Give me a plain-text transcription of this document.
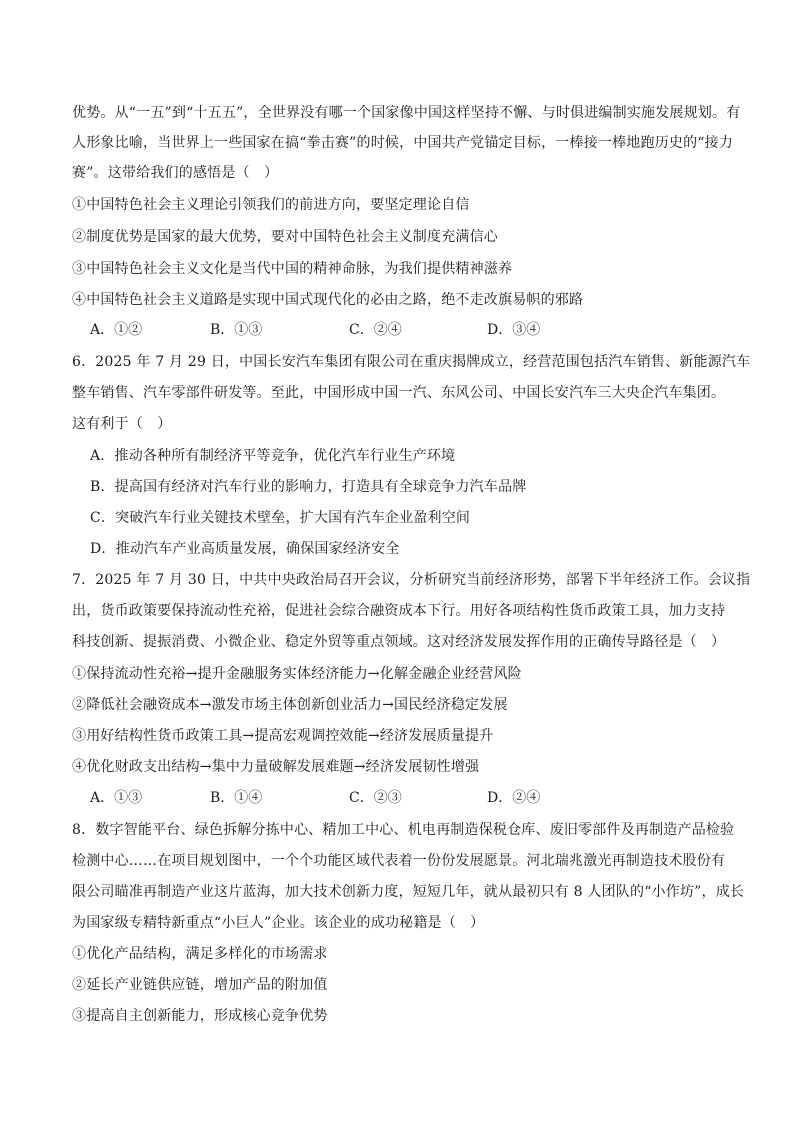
优势。从“一五”到“十五五”，全世界没有哪一个国家像中国这样坚持不懈、与时俱进编制实施发展规划。有
人形象比喻，当世界上一些国家在搞“拳击赛”的时候，中国共产党锚定目标，一棒接一棒地跑历史的“接力
赛”。这带给我们的感悟是（　）
①中国特色社会主义理论引领我们的前进方向，要坚定理论自信
②制度优势是国家的最大优势，要对中国特色社会主义制度充满信心
③中国特色社会主义文化是当代中国的精神命脉，为我们提供精神滋养
④中国特色社会主义道路是实现中国式现代化的必由之路，绝不走改旗易帜的邪路
A．①②	B．①③	C．②④	D．③④
6．2025 年 7 月 29 日，中国长安汽车集团有限公司在重庆揭牌成立，经营范围包括汽车销售、新能源汽车
整车销售、汽车零部件研发等。至此，中国形成中国一汽、东风公司、中国长安汽车三大央企汽车集团。
这有利于（　）
A．推动各种所有制经济平等竞争，优化汽车行业生产环境
B．提高国有经济对汽车行业的影响力，打造具有全球竞争力汽车品牌
C．突破汽车行业关键技术壁垒，扩大国有汽车企业盈利空间
D．推动汽车产业高质量发展，确保国家经济安全
7．2025 年 7 月 30 日，中共中央政治局召开会议，分析研究当前经济形势，部署下半年经济工作。会议指
出，货币政策要保持流动性充裕，促进社会综合融资成本下行。用好各项结构性货币政策工具，加力支持
科技创新、提振消费、小微企业、稳定外贸等重点领域。这对经济发展发挥作用的正确传导路径是（　）
①保持流动性充裕→提升金融服务实体经济能力→化解金融企业经营风险
②降低社会融资成本→激发市场主体创新创业活力→国民经济稳定发展
③用好结构性货币政策工具→提高宏观调控效能→经济发展质量提升
④优化财政支出结构→集中力量破解发展难题→经济发展韧性增强
A．①③	B．①④	C．②③	D．②④
8．数字智能平台、绿色拆解分拣中心、精加工中心、机电再制造保税仓库、废旧零部件及再制造产品检验
检测中心……在项目规划图中，一个个功能区域代表着一份份发展愿景。河北瑞兆激光再制造技术股份有
限公司瞄准再制造产业这片蓝海，加大技术创新力度，短短几年，就从最初只有 8 人团队的“小作坊”，成长
为国家级专精特新重点“小巨人”企业。该企业的成功秘籍是（　）
①优化产品结构，满足多样化的市场需求
②延长产业链供应链，增加产品的附加值
③提高自主创新能力，形成核心竞争优势
